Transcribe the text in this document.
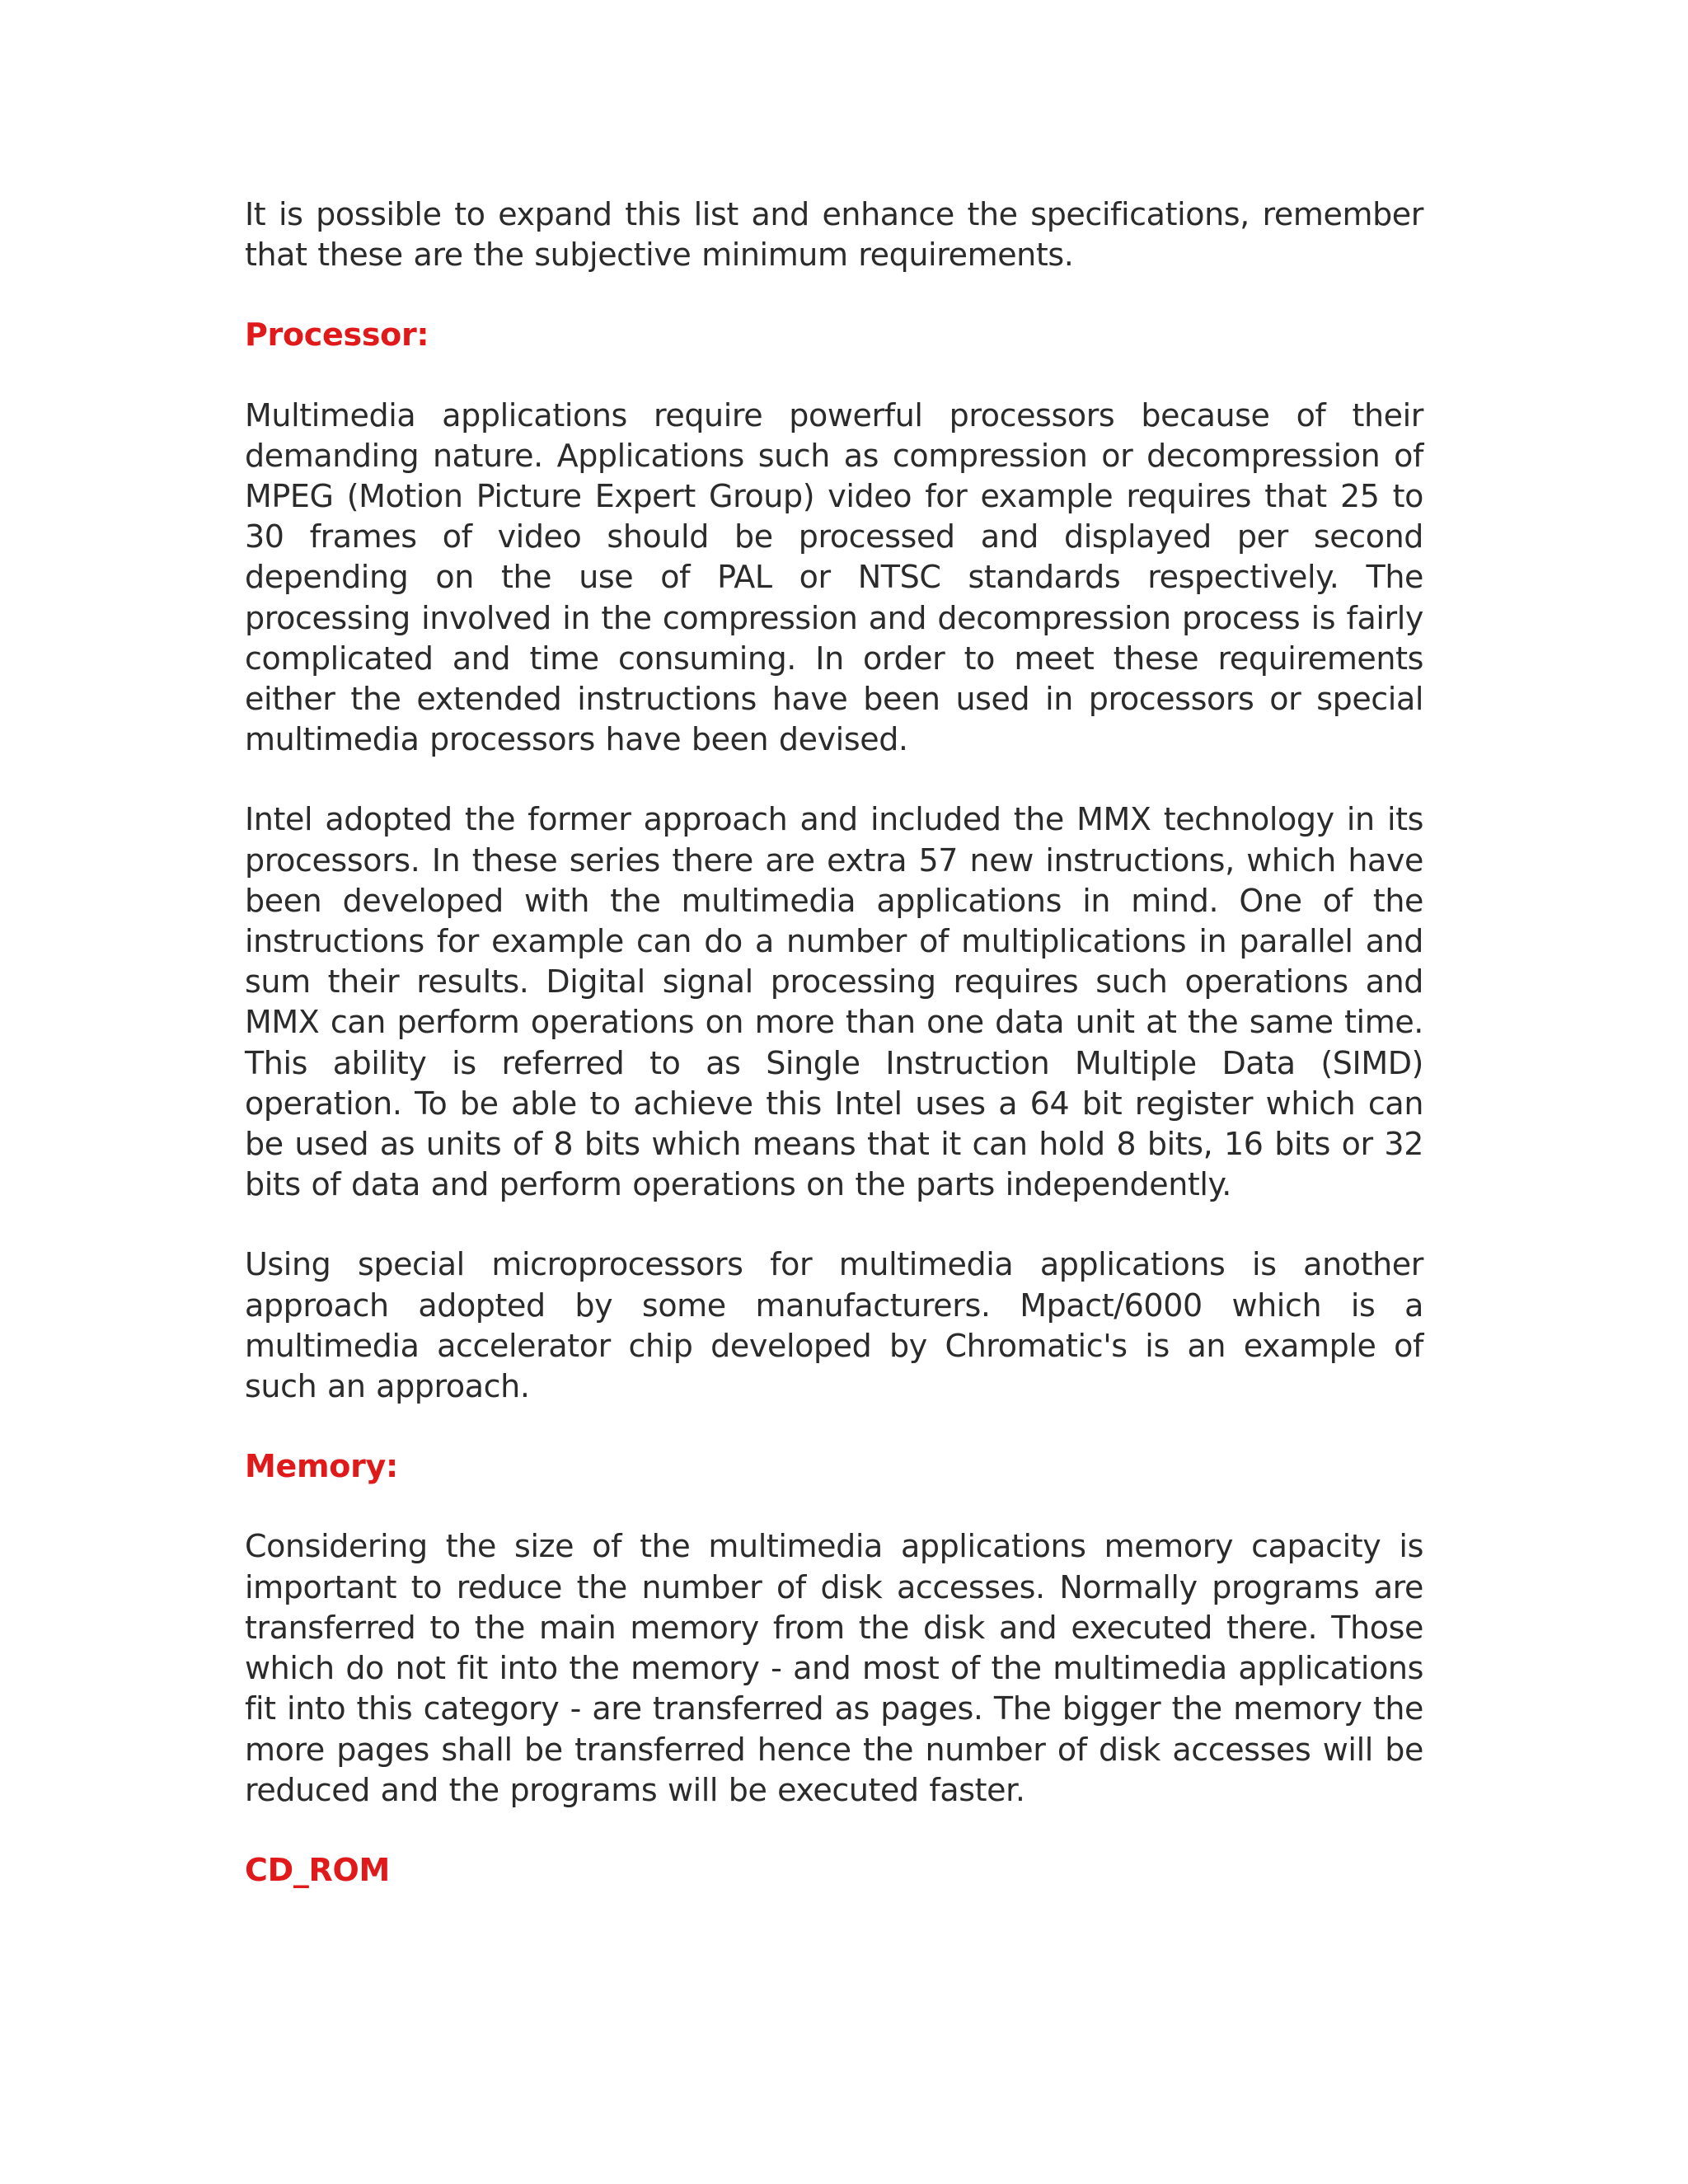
It is possible to expand this list and enhance the specifications, remember that these are the subjective minimum requirements.

Processor:

Multimedia applications require powerful processors because of their demanding nature. Applications such as compression or decompression of MPEG (Motion Picture Expert Group) video for example requires that 25 to 30 frames of video should be processed and displayed per second depending on the use of PAL or NTSC standards respectively. The processing involved in the compression and decompression process is fairly complicated and time consuming. In order to meet these requirements either the extended instructions have been used in processors or special multimedia processors have been devised.

Intel adopted the former approach and included the MMX technology in its processors. In these series there are extra 57 new instructions, which have been developed with the multimedia applications in mind. One of the instructions for example can do a number of multiplications in parallel and sum their results. Digital signal processing requires such operations and MMX can perform operations on more than one data unit at the same time. This ability is referred to as Single Instruction Multiple Data (SIMD) operation. To be able to achieve this Intel uses a 64 bit register which can be used as units of 8 bits which means that it can hold 8 bits, 16 bits or 32 bits of data and perform operations on the parts independently.

Using special microprocessors for multimedia applications is another approach adopted by some manufacturers. Mpact/6000 which is a multimedia accelerator chip developed by Chromatic's is an example of such an approach.

Memory:

Considering the size of the multimedia applications memory capacity is important to reduce the number of disk accesses. Normally programs are transferred to the main memory from the disk and executed there. Those which do not fit into the memory - and most of the multimedia applications fit into this category - are transferred as pages. The bigger the memory the more pages shall be transferred hence the number of disk accesses will be reduced and the programs will be executed faster.

CD_ROM
